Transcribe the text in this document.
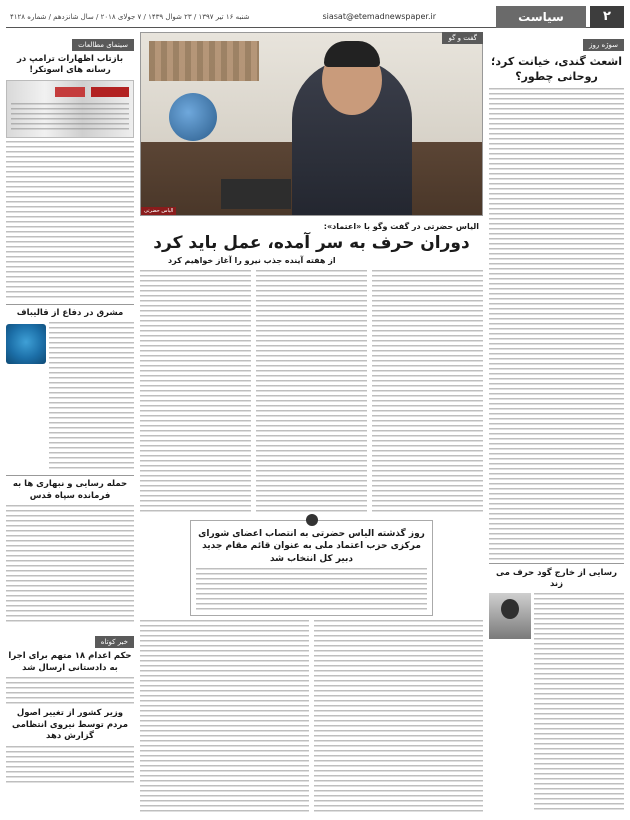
۲
سیاست
siasat@etemadnewspaper.ir
شنبه ۱۶ تیر ۱۳۹۷ / ۲۳ شوال ۱۴۳۹ / ۷ جولای ۲۰۱۸ / سال شانزدهم / شماره ۴۱۲۸
سوژه روز
اشعث گندی، خیانت کرد؛ روحانی چطور؟
رسایی از خارج گود حرف می زند
سینمای مطالعات
بازتاب اظهارات ترامپ در رسانه های اسوتکر!
مشرق در دفاع از قالیباف
حمله رسایی و نبهاری ها به فرمانده سپاه قدس
خبر کوتاه
حکم اعدام ۱۸ متهم برای اجرا به دادستانی ارسال شد
وزیر کشور از تغییر اصول مردم توسط نیروی انتظامی گزارش دهد
گفت و گو
الیاس حضرتی
الیاس حضرتی در گفت وگو با «اعتماد»:
دوران حرف به سر آمده، عمل باید کرد
از هفته آینده جذب نیرو را آغاز خواهیم کرد
روز گذشته الیاس حضرتی به انتصاب اعضای شورای مرکزی حزب اعتماد ملی به عنوان قائم مقام جدید دبیر کل انتخاب شد
